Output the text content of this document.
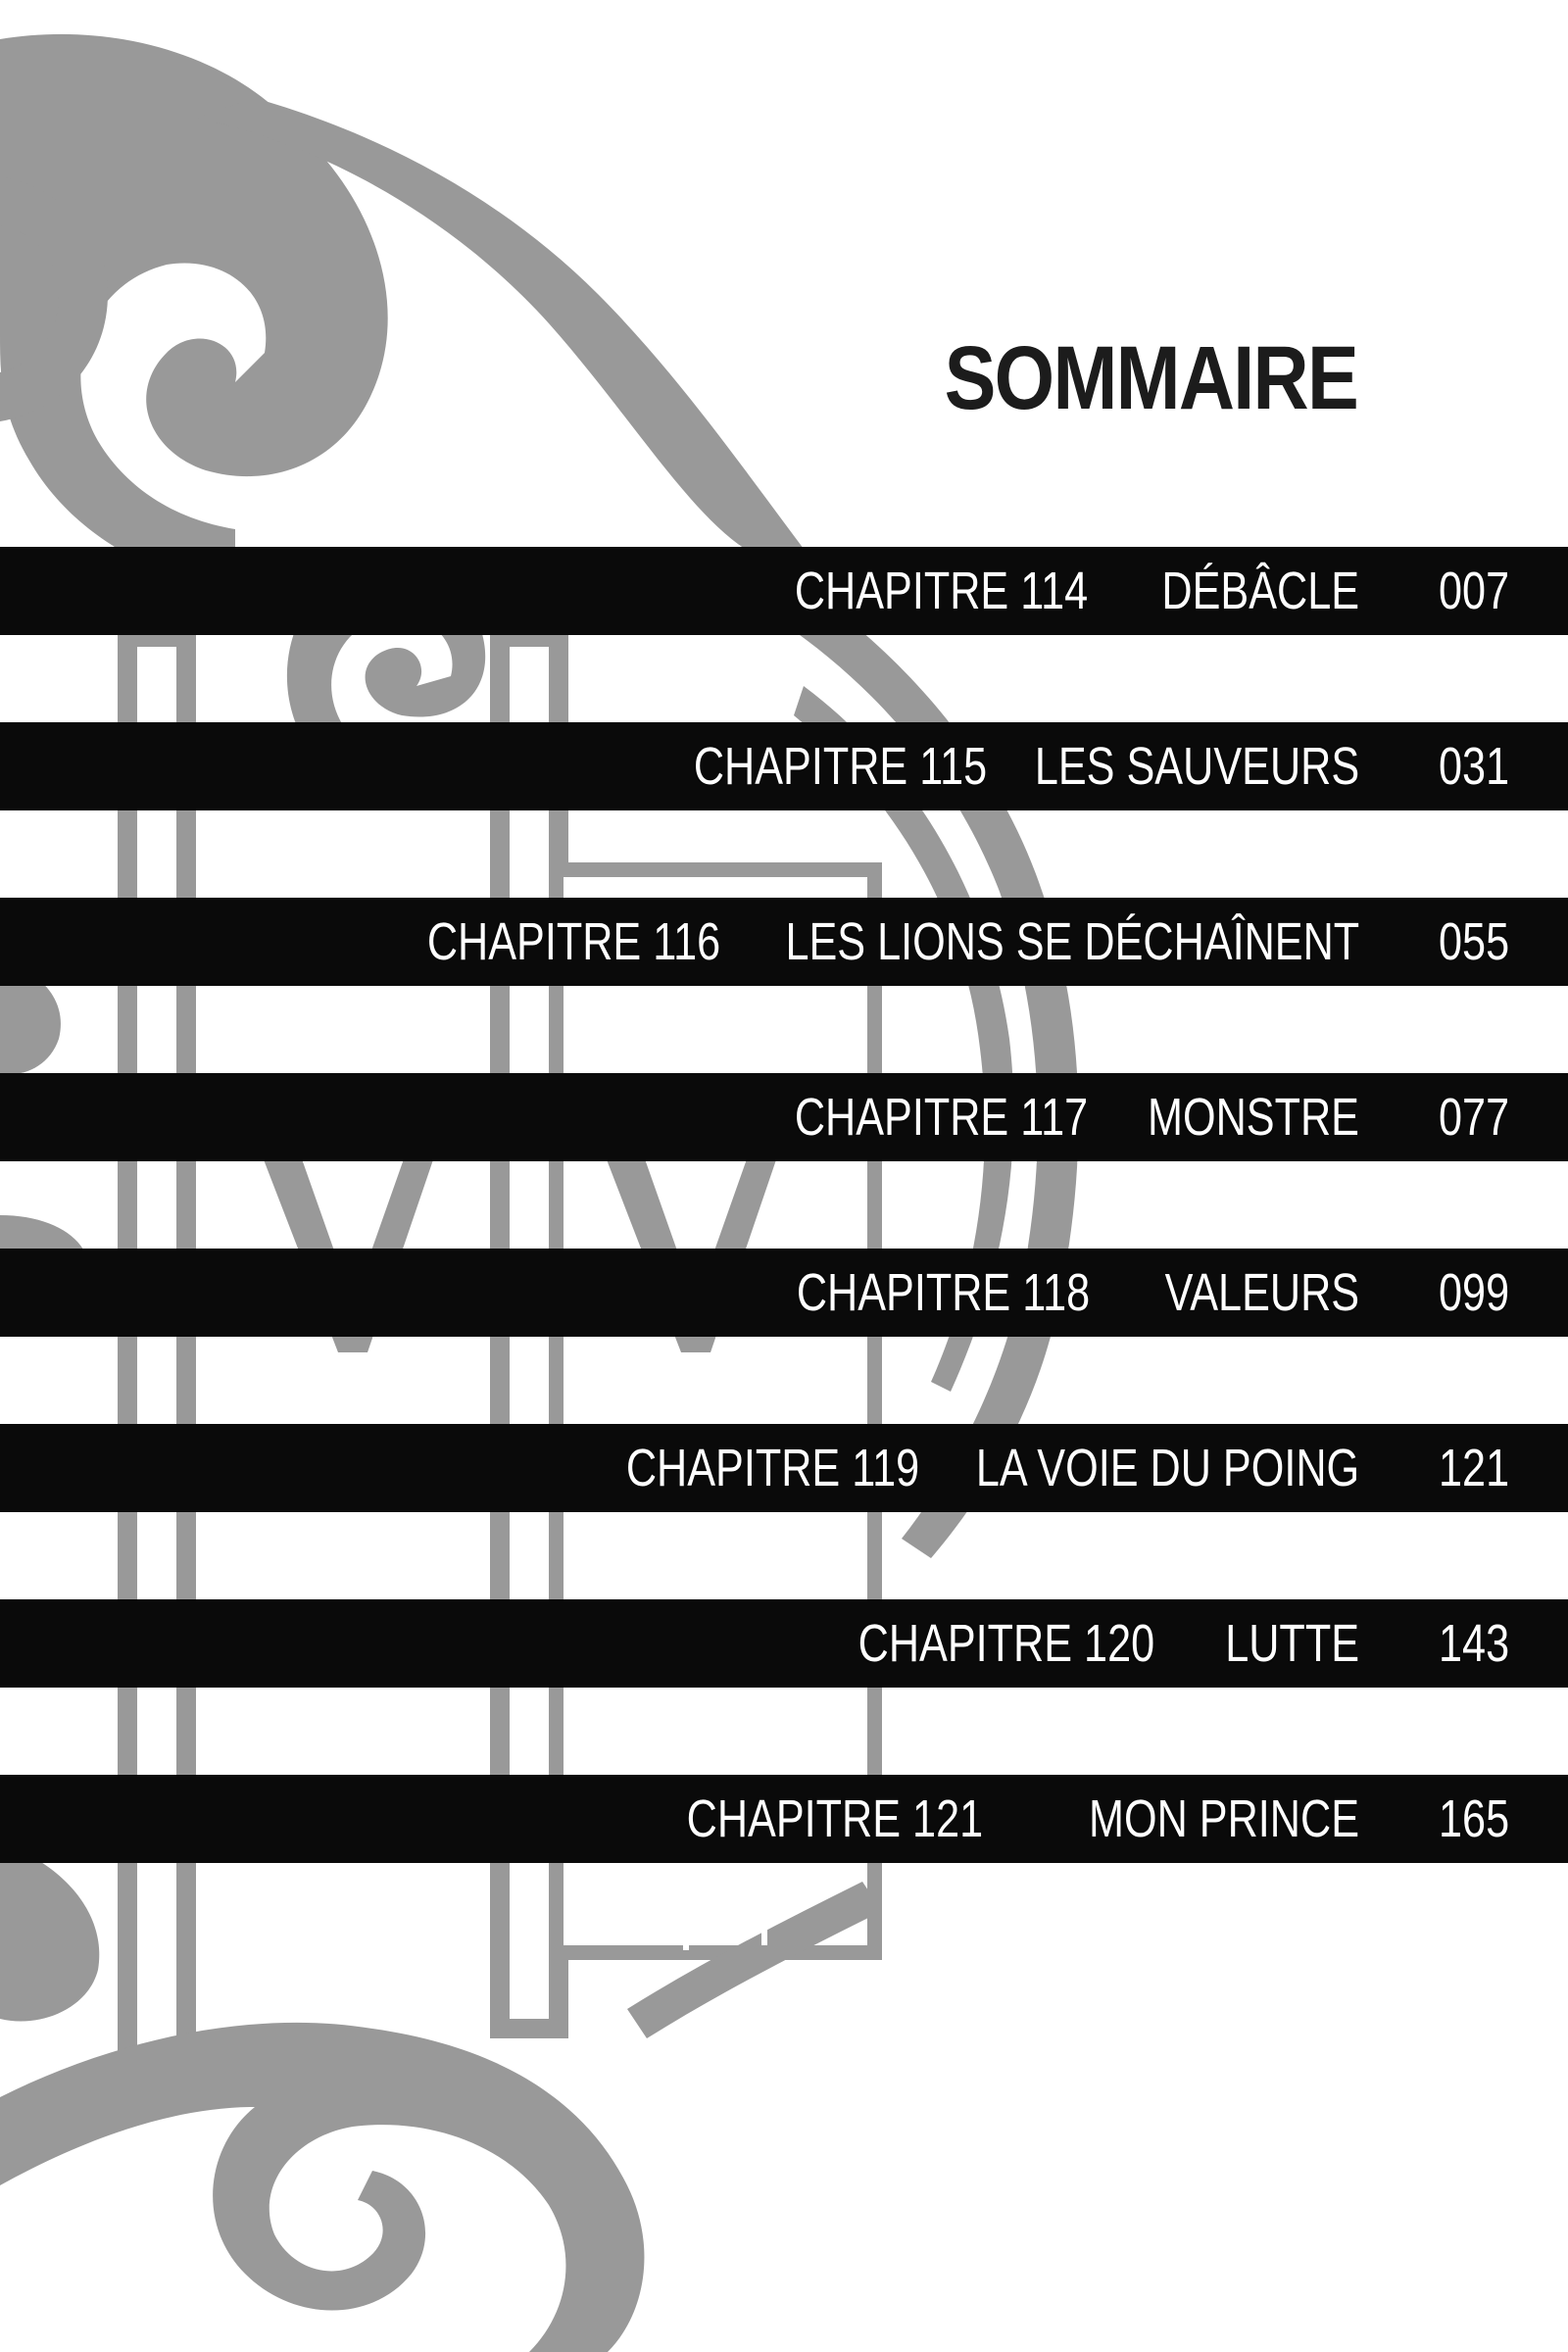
SOMMAIRE
CHAPITRE 114 DÉBÂCLE 007
CHAPITRE 115 LES SAUVEURS 031
CHAPITRE 116 LES LIONS SE DÉCHAÎNENT 055
CHAPITRE 117 MONSTRE 077
CHAPITRE 118 VALEURS 099
CHAPITRE 119 LA VOIE DU POING 121
CHAPITRE 120 LUTTE 143
CHAPITRE 121 MON PRINCE 165
